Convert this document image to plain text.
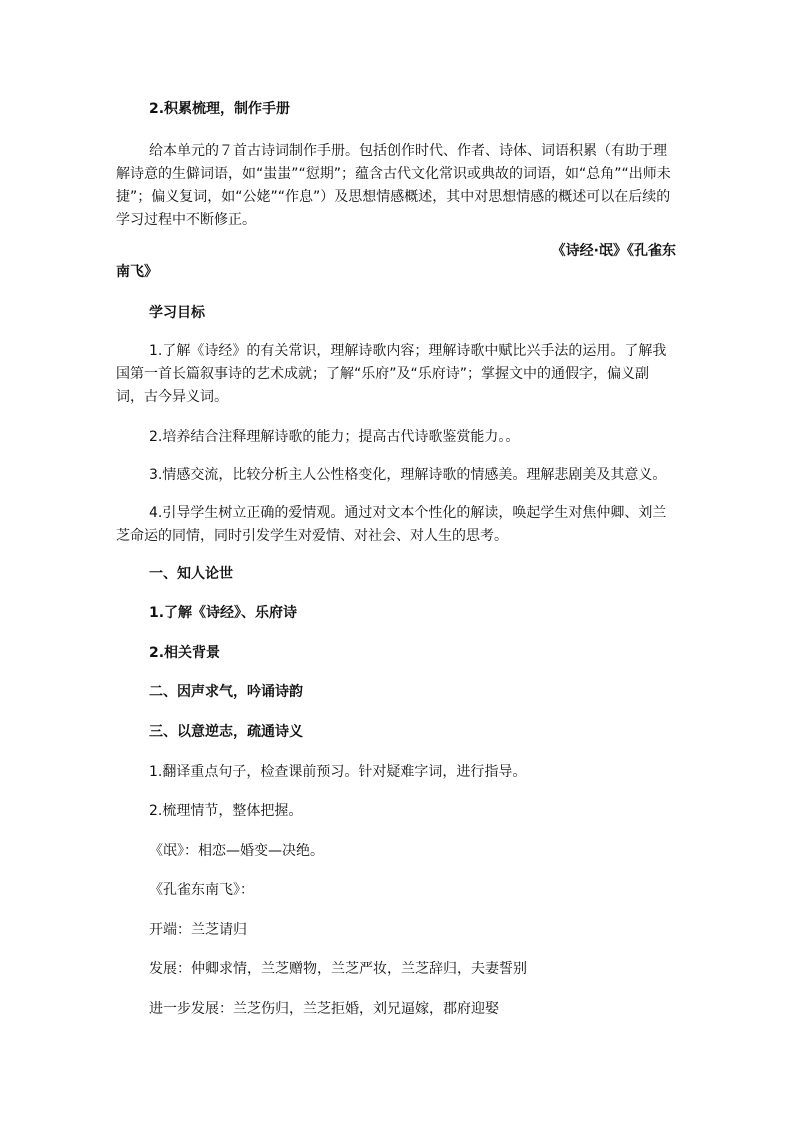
2.积累梳理，制作手册

给本单元的７首古诗词制作手册。包括创作时代、作者、诗体、词语积累（有助于理解诗意的生僻词语，如“蚩蚩”“愆期”；蕴含古代文化常识或典故的词语，如“总角”“出师未捷”；偏义复词，如“公姥”“作息”）及思想情感概述，其中对思想情感的概述可以在后续的学习过程中不断修正。

《诗经·氓》《孔雀东

南飞》

学习目标

1.了解《诗经》的有关常识，理解诗歌内容；理解诗歌中赋比兴手法的运用。了解我国第一首长篇叙事诗的艺术成就；了解“乐府”及“乐府诗”；掌握文中的通假字，偏义副词，古今异义词。

2.培养结合注释理解诗歌的能力；提高古代诗歌鉴赏能力。。

3.情感交流，比较分析主人公性格变化，理解诗歌的情感美。理解悲剧美及其意义。

4.引导学生树立正确的爱情观。通过对文本个性化的解读，唤起学生对焦仲卿、刘兰芝命运的同情，同时引发学生对爱情、对社会、对人生的思考。

一、知人论世

1.了解《诗经》、乐府诗

2.相关背景

二、因声求气，吟诵诗韵

三、以意逆志，疏通诗义

1.翻译重点句子，检查课前预习。针对疑难字词，进行指导。

2.梳理情节，整体把握。

《氓》：相恋—婚变—决绝。

《孔雀东南飞》：

开端：兰芝请归

发展：仲卿求情，兰芝赠物，兰芝严妆，兰芝辞归，夫妻誓别

进一步发展：兰芝伤归，兰芝拒婚，刘兄逼嫁，郡府迎娶
